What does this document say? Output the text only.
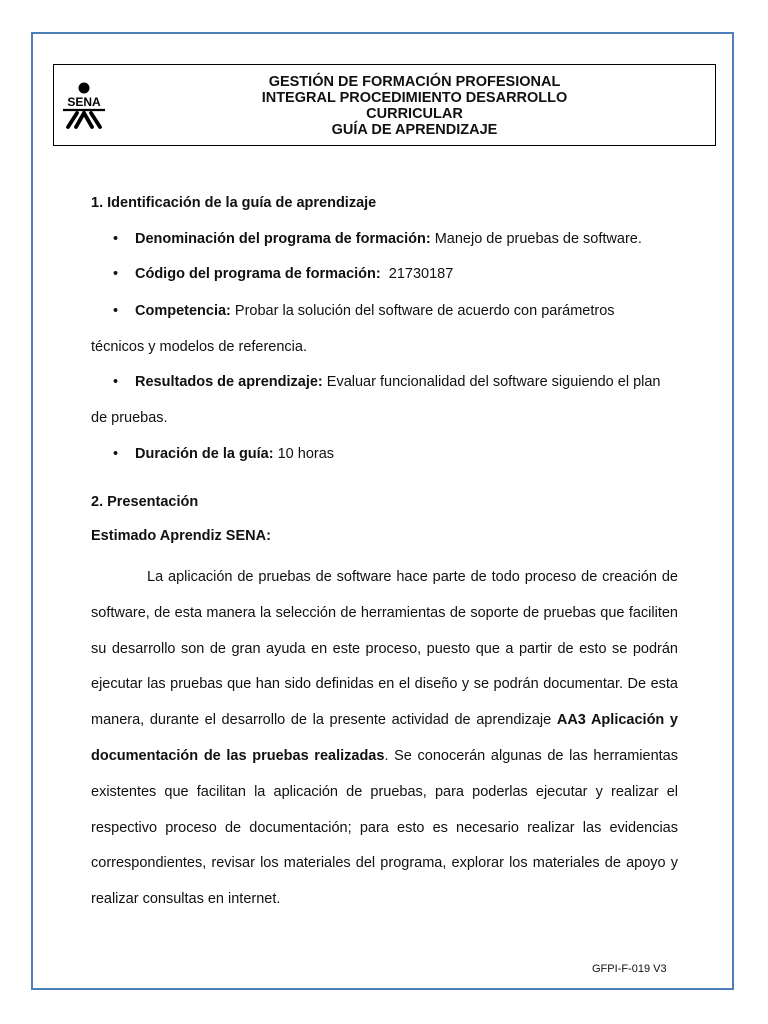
SENA
GESTIÓN DE FORMACIÓN PROFESIONAL
INTEGRAL PROCEDIMIENTO DESARROLLO
CURRICULAR
GUÍA DE APRENDIZAJE
1. Identificación de la guía de aprendizaje
• Denominación del programa de formación: Manejo de pruebas de software.
• Código del programa de formación:  21730187
• Competencia: Probar la solución del software de acuerdo con parámetros
técnicos y modelos de referencia.
• Resultados de aprendizaje: Evaluar funcionalidad del software siguiendo el plan
de pruebas.
• Duración de la guía: 10 horas
2. Presentación
Estimado Aprendiz SENA:
La aplicación de pruebas de software hace parte de todo proceso de creación de software, de esta manera la selección de herramientas de soporte de pruebas que faciliten su desarrollo son de gran ayuda en este proceso, puesto que a partir de esto se podrán ejecutar las pruebas que han sido definidas en el diseño y se podrán documentar. De esta manera, durante el desarrollo de la presente actividad de aprendizaje AA3 Aplicación y documentación de las pruebas realizadas. Se conocerán algunas de las herramientas existentes que facilitan la aplicación de pruebas, para poderlas ejecutar y realizar el respectivo proceso de documentación; para esto es necesario realizar las evidencias correspondientes, revisar los materiales del programa, explorar los materiales de apoyo y realizar consultas en internet.
GFPI-F-019 V3
